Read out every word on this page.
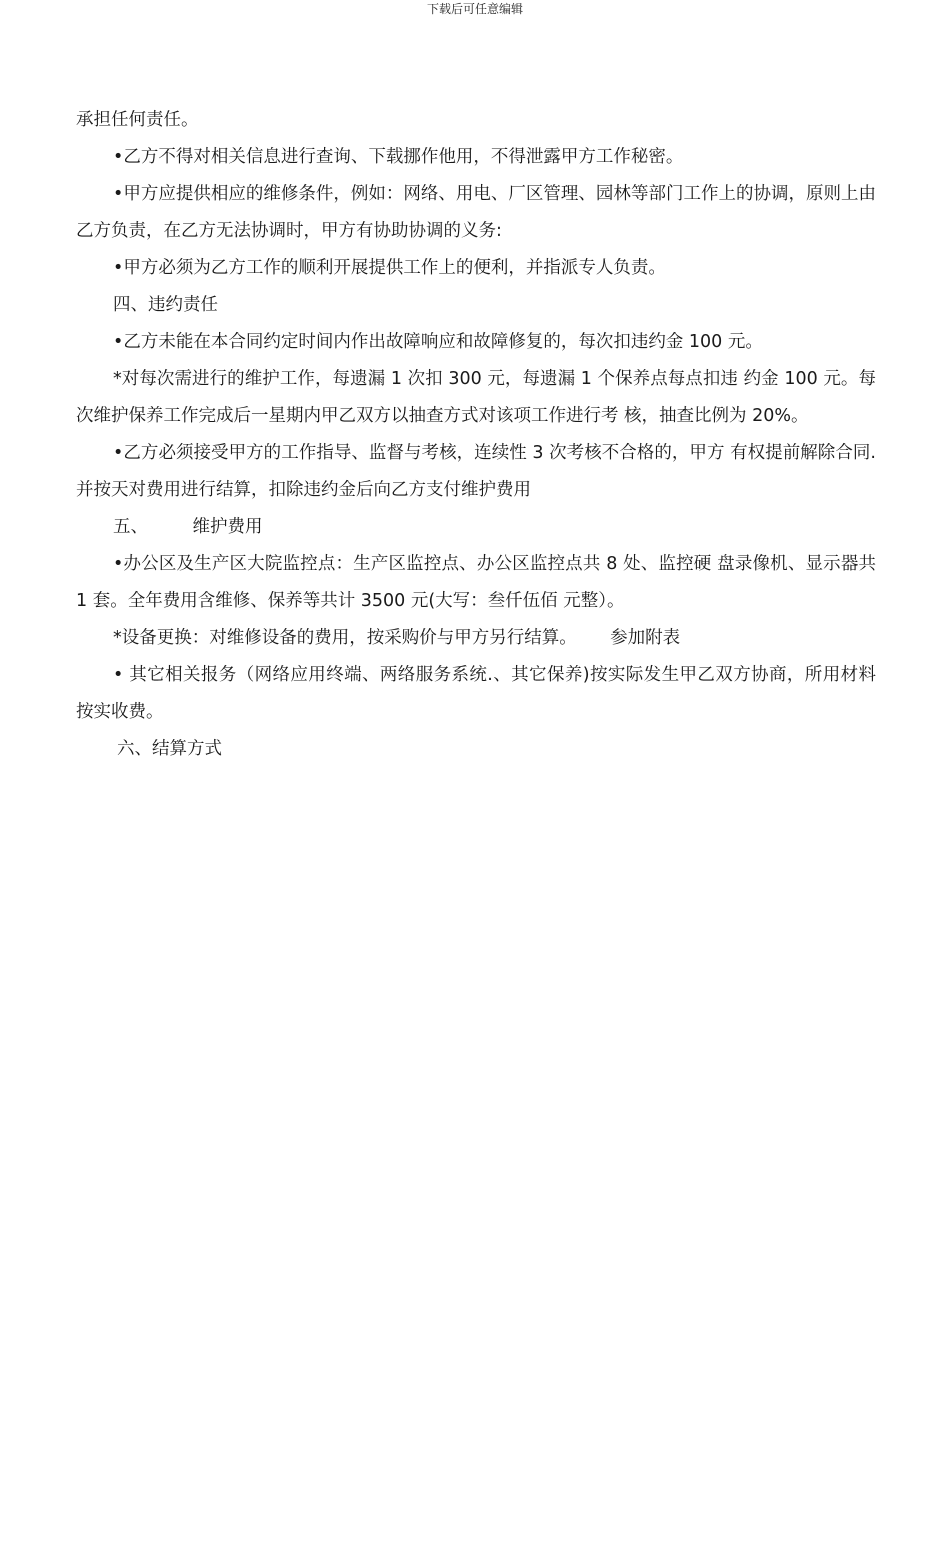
下载后可任意编辑

承担任何责任。

•乙方不得对相关信息进行查询、下载挪作他用，不得泄露甲方工作秘密。

•甲方应提供相应的维修条件，例如：网络、用电、厂区管理、园林等部门工作上的协调，原则上由乙方负责，在乙方无法协调时，甲方有协助协调的义务:

•甲方必须为乙方工作的顺利开展提供工作上的便利，并指派专人负责。

四、违约责任

•乙方未能在本合同约定时间内作出故障响应和故障修复的，每次扣违约金 100 元。

*对每次需进行的维护工作，每遗漏 1 次扣 300 元，每遗漏 1 个保养点每点扣违 约金 100 元。每次维护保养工作完成后一星期内甲乙双方以抽查方式对该项工作进行考 核，抽查比例为 20%。

•乙方必须接受甲方的工作指导、监督与考核，连续性 3 次考核不合格的，甲方 有权提前解除合同.并按天对费用进行结算，扣除违约金后向乙方支付维护费用

五、        维护费用

•办公区及生产区大院监控点：生产区监控点、办公区监控点共 8 处、监控硬 盘录像机、显示器共 1 套。全年费用含维修、保养等共计 3500 元(大写：叁仟伍佰 元整）。

*设备更换：对维修设备的费用，按采购价与甲方另行结算。      参加附表

• 其它相关报务（网络应用终端、两络服务系统.、其它保养)按实际发生甲乙双方协商，所用材料按实收费。

六、结算方式
